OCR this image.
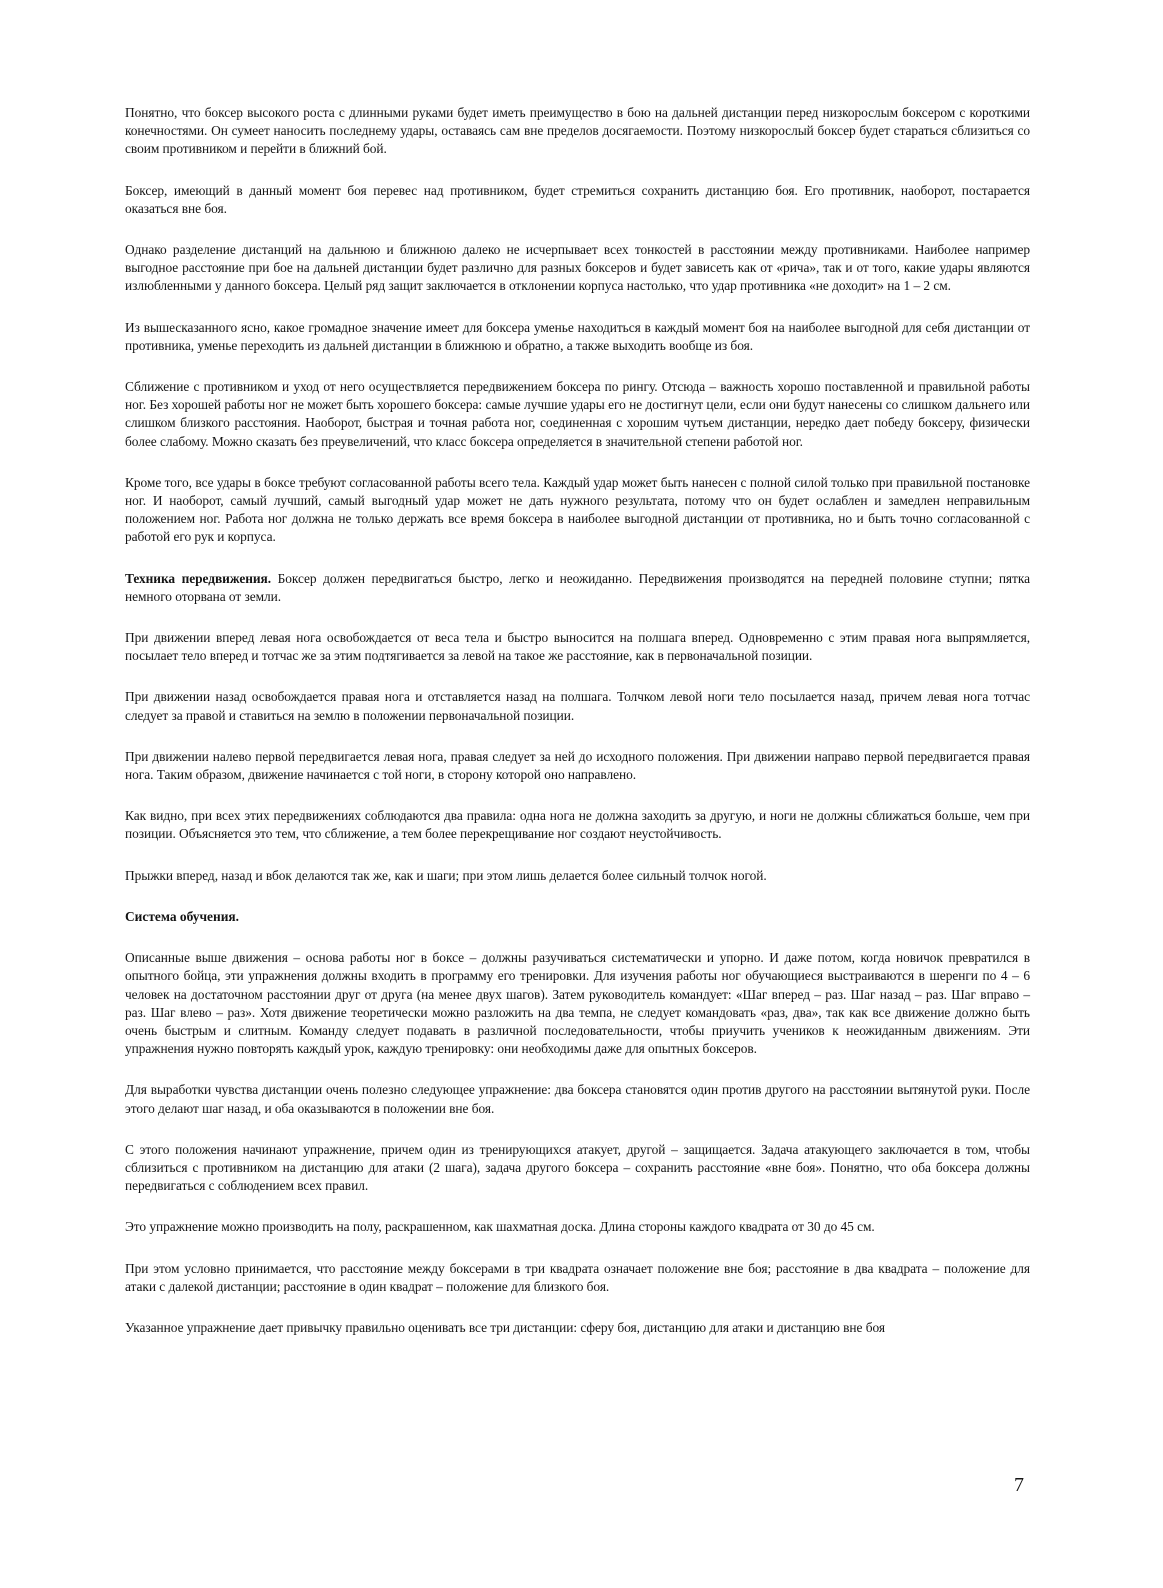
Понятно, что боксер высокого роста с длинными руками будет иметь преимущество в бою на дальней дистанции перед низкорослым боксером с короткими конечностями. Он сумеет наносить последнему удары, оставаясь сам вне пределов досягаемости. Поэтому низкорослый боксер будет стараться сблизиться со своим противником и перейти в ближний бой.

Боксер, имеющий в данный момент боя перевес над противником, будет стремиться сохранить дистанцию боя. Его противник, наоборот, постарается оказаться вне боя.

Однако разделение дистанций на дальнюю и ближнюю далеко не исчерпывает всех тонкостей в расстоянии между противниками. Наиболее например выгодное расстояние при бое на дальней дистанции будет различно для разных боксеров и будет зависеть как от «рича», так и от того, какие удары являются излюбленными у данного боксера. Целый ряд защит заключается в отклонении корпуса настолько, что удар противника «не доходит» на 1 – 2 см.

Из вышесказанного ясно, какое громадное значение имеет для боксера уменье находиться в каждый момент боя на наиболее выгодной для себя дистанции от противника, уменье переходить из дальней дистанции в ближнюю и обратно, а также выходить вообще из боя.

Сближение с противником и уход от него осуществляется передвижением боксера по рингу. Отсюда – важность хорошо поставленной и правильной работы ног. Без хорошей работы ног не может быть хорошего боксера: самые лучшие удары его не достигнут цели, если они будут нанесены со слишком дальнего или слишком близкого расстояния. Наоборот, быстрая и точная работа ног, соединенная с хорошим чутьем дистанции, нередко дает победу боксеру, физически более слабому. Можно сказать без преувеличений, что класс боксера определяется в значительной степени работой ног.

Кроме того, все удары в боксе требуют согласованной работы всего тела. Каждый удар может быть нанесен с полной силой только при правильной постановке ног. И наоборот, самый лучший, самый выгодный удар может не дать нужного результата, потому что он будет ослаблен и замедлен неправильным положением ног. Работа ног должна не только держать все время боксера в наиболее выгодной дистанции от противника, но и быть точно согласованной с работой его рук и корпуса.

Техника передвижения. Боксер должен передвигаться быстро, легко и неожиданно. Передвижения производятся на передней половине ступни; пятка немного оторвана от земли.

При движении вперед левая нога освобождается от веса тела и быстро выносится на полшага вперед. Одновременно с этим правая нога выпрямляется, посылает тело вперед и тотчас же за этим подтягивается за левой на такое же расстояние, как в первоначальной позиции.

При движении назад освобождается правая нога и отставляется назад на полшага. Толчком левой ноги тело посылается назад, причем левая нога тотчас следует за правой и ставиться на землю в положении первоначальной позиции.

При движении налево первой передвигается левая нога, правая следует за ней до исходного положения. При движении направо первой передвигается правая нога. Таким образом, движение начинается с той ноги, в сторону которой оно направлено.

Как видно, при всех этих передвижениях соблюдаются два правила: одна нога не должна заходить за другую, и ноги не должны сближаться больше, чем при позиции. Объясняется это тем, что сближение, а тем более перекрещивание ног создают неустойчивость.

Прыжки вперед, назад и вбок делаются так же, как и шаги; при этом лишь делается более сильный толчок ногой.

Система обучения.

Описанные выше движения – основа работы ног в боксе – должны разучиваться систематически и упорно. И даже потом, когда новичок превратился в опытного бойца, эти упражнения должны входить в программу его тренировки. Для изучения работы ног обучающиеся выстраиваются в шеренги по 4 – 6 человек на достаточном расстоянии друг от друга (на менее двух шагов). Затем руководитель командует: «Шаг вперед – раз. Шаг назад – раз. Шаг вправо – раз. Шаг влево – раз». Хотя движение теоретически можно разложить на два темпа, не следует командовать «раз, два», так как все движение должно быть очень быстрым и слитным. Команду следует подавать в различной последовательности, чтобы приучить учеников к неожиданным движениям. Эти упражнения нужно повторять каждый урок, каждую тренировку: они необходимы даже для опытных боксеров.

Для выработки чувства дистанции очень полезно следующее упражнение: два боксера становятся один против другого на расстоянии вытянутой руки. После этого делают шаг назад, и оба оказываются в положении вне боя.

С этого положения начинают упражнение, причем один из тренирующихся атакует, другой – защищается. Задача атакующего заключается в том, чтобы сблизиться с противником на дистанцию для атаки (2 шага), задача другого боксера – сохранить расстояние «вне боя». Понятно, что оба боксера должны передвигаться с соблюдением всех правил.

Это упражнение можно производить на полу, раскрашенном, как шахматная доска. Длина стороны каждого квадрата от 30 до 45 см.

При этом условно принимается, что расстояние между боксерами в три квадрата означает положение вне боя; расстояние в два квадрата – положение для атаки с далекой дистанции; расстояние в один квадрат – положение для близкого боя.

Указанное упражнение дает привычку правильно оценивать все три дистанции: сферу боя, дистанцию для атаки и дистанцию вне боя

7
